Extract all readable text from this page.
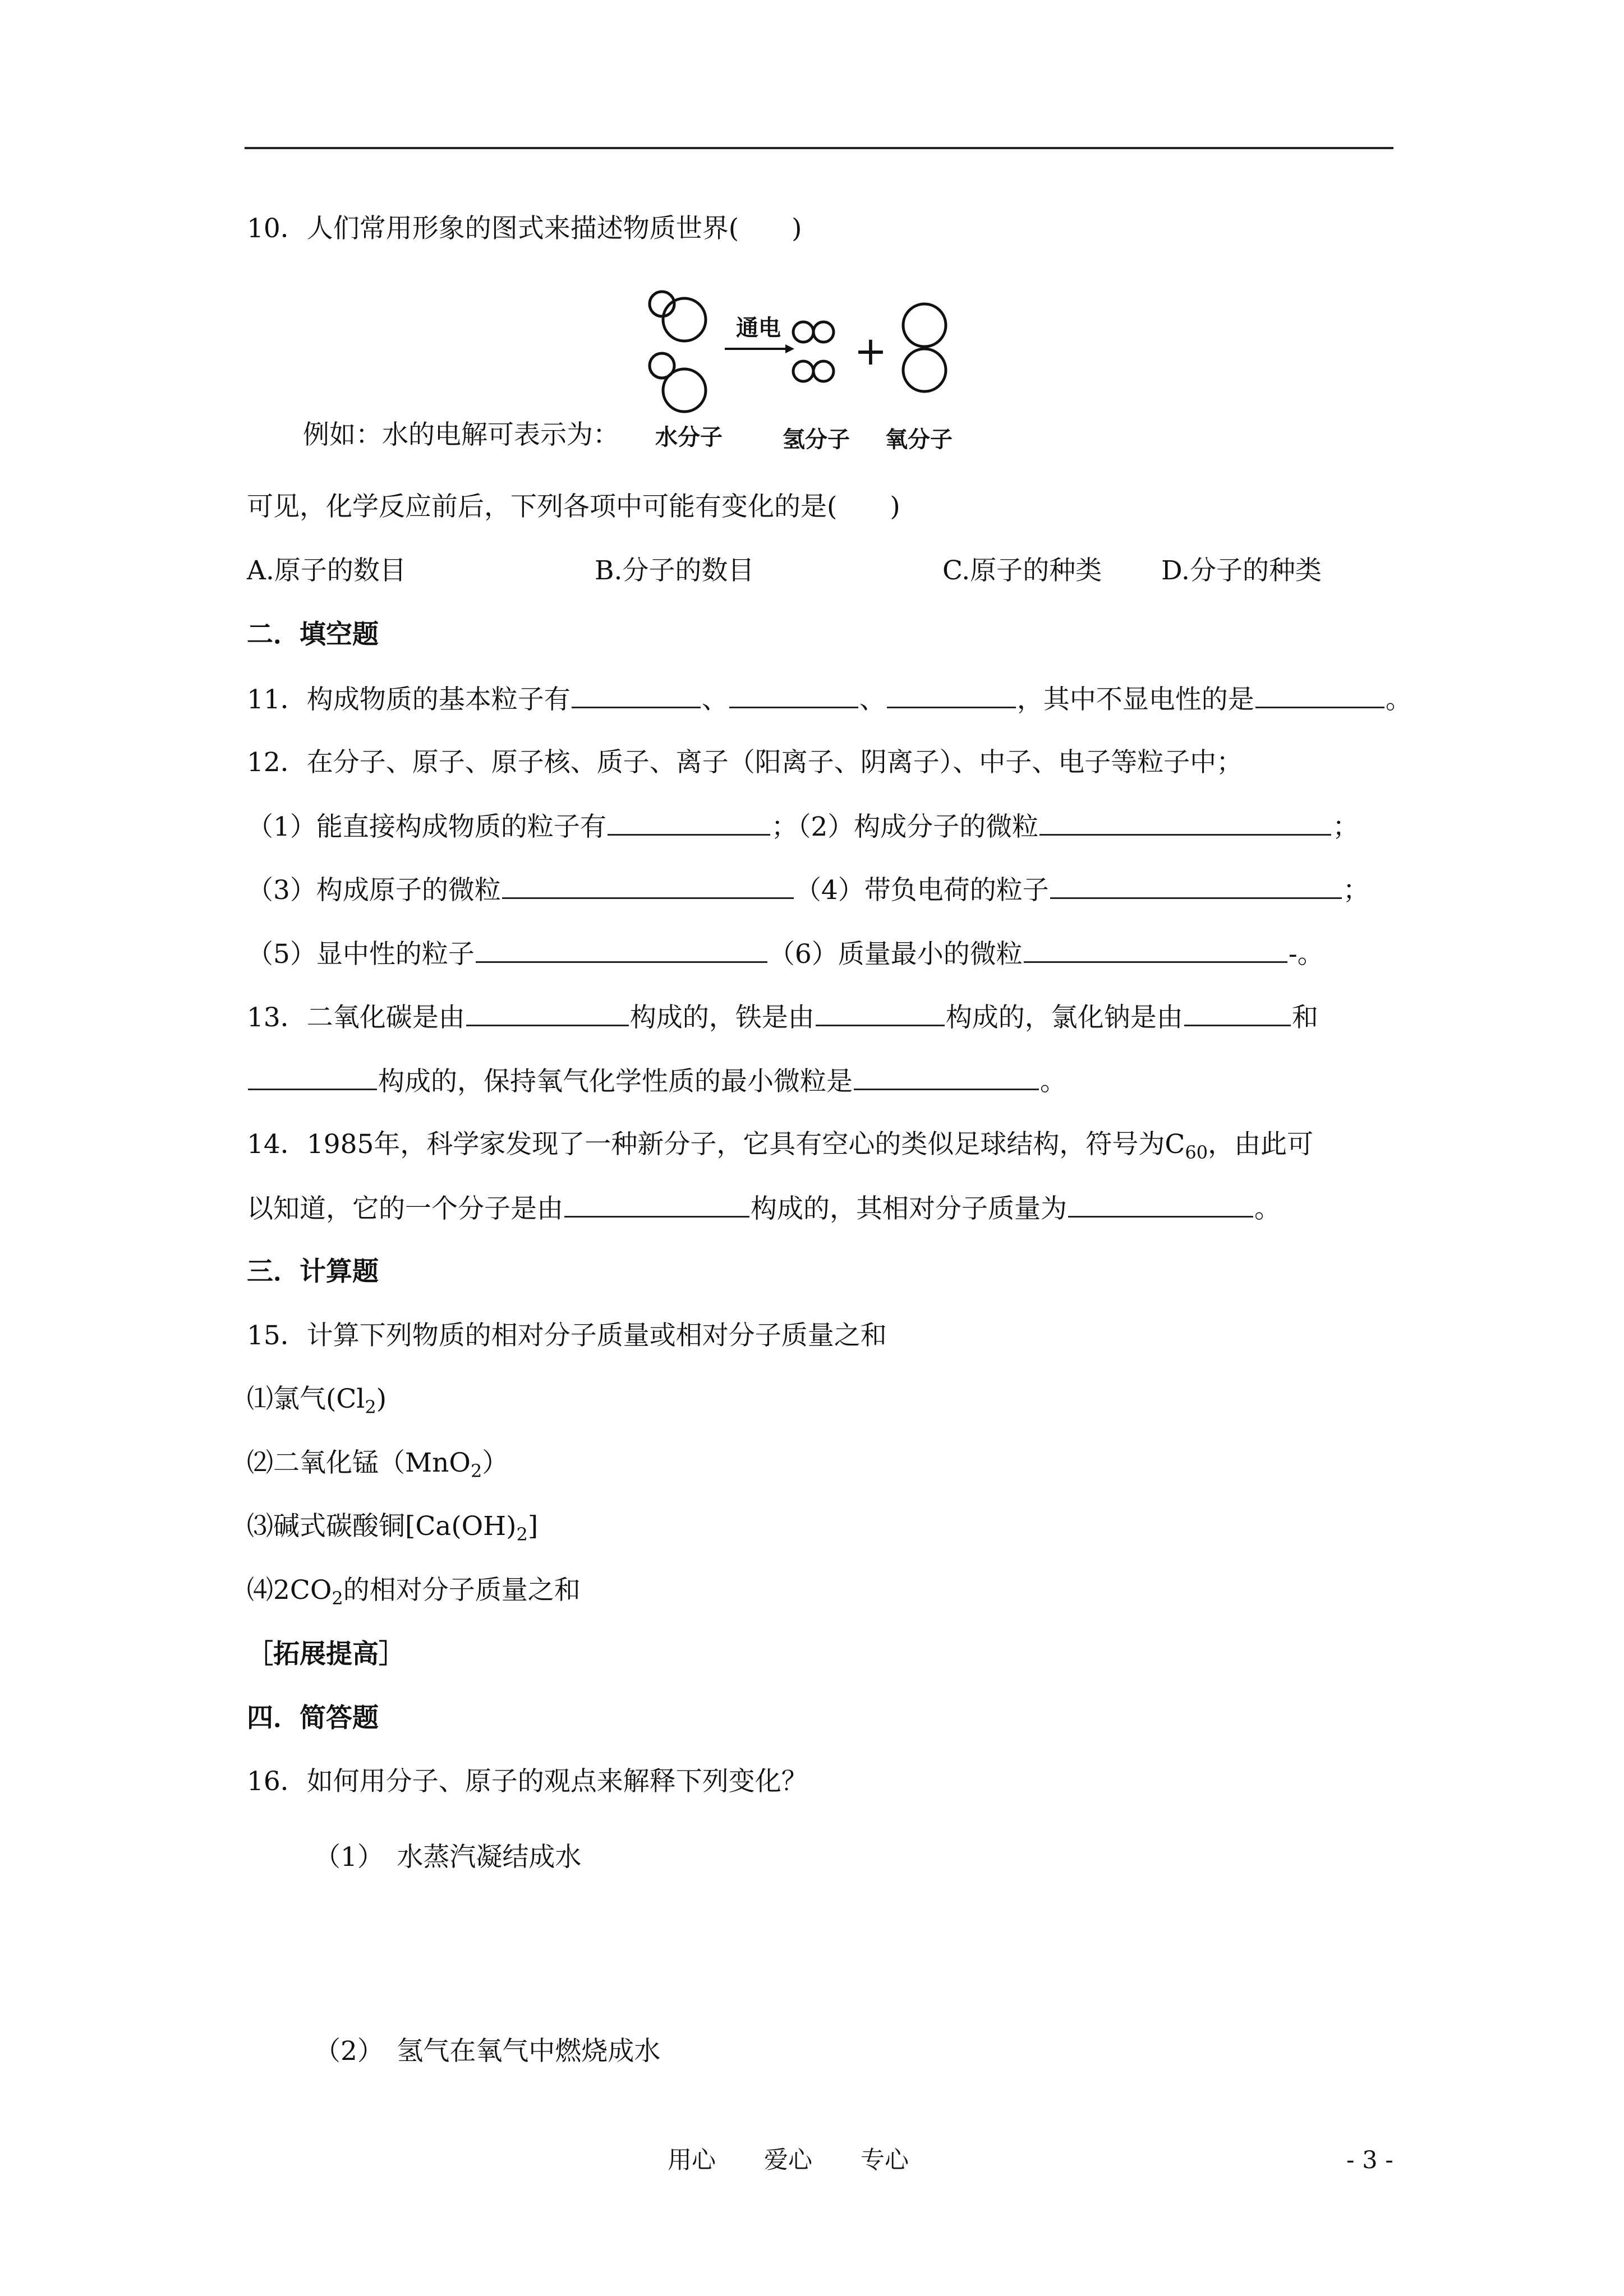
10．人们常用形象的图式来描述物质世界(　　)
通电 +
例如：水的电解可表示为：	水分子	氢分子 氧分子
可见，化学反应前后，下列各项中可能有变化的是(　　)
A.原子的数目	B.分子的数目	C.原子的种类 D.分子的种类
二．填空题
11．构成物质的基本粒子有	、	、	，其中不显电性的是	。
12．在分子、原子、原子核、质子、离子（阳离子、阴离子）、中子、电子等粒子中；
（1）能直接构成物质的粒子有	；（2）构成分子的微粒	；
（3）构成原子的微粒	（4）带负电荷的粒子	；
（5）显中性的粒子	（6）质量最小的微粒	-。
13．二氧化碳是由	构成的，铁是由	构成的，氯化钠是由	和
构成的，保持氧气化学性质的最小微粒是	。
14．1985年，科学家发现了一种新分子，它具有空心的类似足球结构，符号为$C_{60}$，由此可
以知道，它的一个分子是由	构成的，其相对分子质量为	。
三．计算题
15．计算下列物质的相对分子质量或相对分子质量之和
⑴氯气$(Cl_2)$
⑵二氧化锰（MnO$_2$）
⑶碱式碳酸铜$[Ca(OH)_2]$
$⑷2CO_2$的相对分子质量之和
［拓展提高］
四．简答题
16．如何用分子、原子的观点来解释下列变化？
（1）　水蒸汽凝结成水
（2）　氢气在氧气中燃烧成水
用心　　爱心　　专心	- 3 -
